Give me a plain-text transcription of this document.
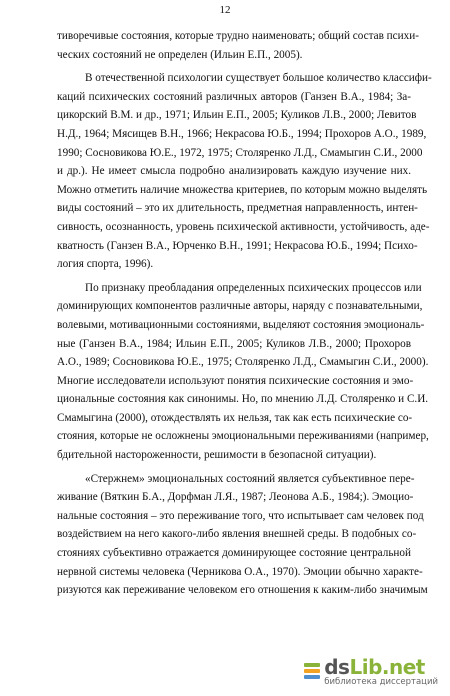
12
тиворечивые состояния, которые трудно наименовать; общий состав психи-
ческих состояний не определен (Ильин Е.П., 2005).
В отечественной психологии существует большое количество классифи-
каций психических состояний различных авторов (Ганзен В.А., 1984; За-
цикорский В.М. и др., 1971; Ильин Е.П., 2005; Куликов Л.В., 2000; Левитов
Н.Д., 1964; Мясищев В.Н., 1966; Некрасова Ю.Б., 1994; Прохоров А.О., 1989,
1990; Сосновикова Ю.Е., 1972, 1975; Столяренко Л.Д., Смамыгин С.И., 2000
и др.). Не имеет смысла подробно анализировать каждую изучение них.
Можно отметить наличие множества критериев, по которым можно выделять
виды состояний – это их длительность, предметная направленность, интен-
сивность, осознанность, уровень психической активности, устойчивость, аде-
кватность (Ганзен В.А., Юрченко В.Н., 1991; Некрасова Ю.Б., 1994; Психо-
логия спорта, 1996).
По признаку преобладания определенных психических процессов или
доминирующих компонентов различные авторы, наряду с познавательными,
волевыми, мотивационными состояниями, выделяют состояния эмоциональ-
ные (Ганзен В.А., 1984; Ильин Е.П., 2005; Куликов Л.В., 2000; Прохоров
А.О., 1989; Сосновикова Ю.Е., 1975; Столяренко Л.Д., Смамыгин С.И., 2000).
Многие исследователи используют понятия психические состояния и эмо-
циональные состояния как синонимы. Но, по мнению Л.Д. Столяренко и С.И.
Смамыгина (2000), отождествлять их нельзя, так как есть психические со-
стояния, которые не осложнены эмоциональными переживаниями (например,
бдительной настороженности, решимости в безопасной ситуации).
«Стержнем» эмоциональных состояний является субъективное пере-
живание (Вяткин Б.А., Дорфман Л.Я., 1987; Леонова А.Б., 1984;). Эмоцио-
нальные состояния – это переживание того, что испытывает сам человек под
воздействием на него какого-либо явления внешней среды. В подобных со-
стояниях субъективно отражается доминирующее состояние центральной
нервной системы человека (Черникова О.А., 1970). Эмоции обычно характе-
ризуются как переживание человеком его отношения к каким-либо значимым
dsLib.net
библиотека диссертаций
